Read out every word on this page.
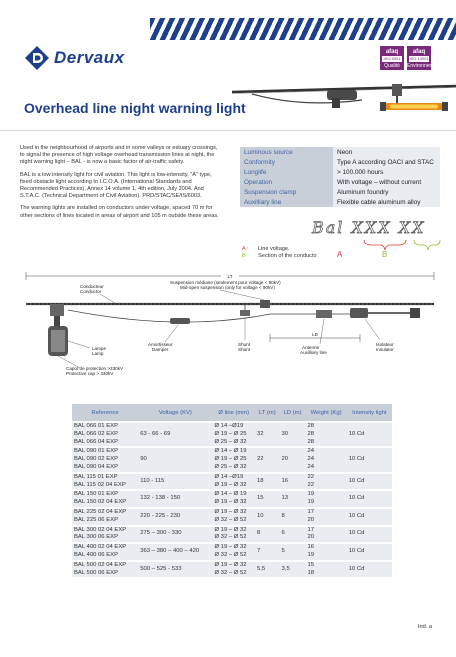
Dervaux	afaq
ISO 9001
Qualité
afaq
ISO 14001
Environnement
Overhead line night warning light

Used in the neighbourhood of airports and in some valleys or estuary crossings, to signal the presence of high voltage overhead transmission lines at night, the night warning light – BAL - is now a basic factor of air-traffic safety.

BAL is a low intensity light for civil aviation. This light is low-intensity, "A" type, fixed obstacle light according to I.C.O.A. (International Standards and Recommended Practices), Annex 14 volume 1, 4th edition, July 2004. And S.T.A.C. (Technical Department of Civil Aviation). PRD/STAC/SE/IS/6003.

The warning lights are installed on conductors under voltage, spaced 70 m for other sections of lines located in areas of airport and 105 m outside these areas.

Luminous source	Neon
Conformity	Type A according OACI and STAC
Longlife	> 100.000 hours
Operation	With voltage – without current
Suspension clamp	Aluminum foundry
Auxilliary line	Flexible cable aluminum alloy
Bal XXX XX
A : Line voltage.
B : Section of the conducto	A	B
LT
LD
Conducteur
Conductor
Suspension médiane (seulement pour voltage < 90kV)
Mid-open suspension (only for voltage < 90kV)
Lampe
Lamp
Amortisseur
Damper
Shunt
Shunt	Antenne
Auxilliary line
Isolateur
Insulator
Capot de protection >330kV
Protective cap > 330kV
Reference	Voltage (KV)	Ø line (mm)	LT (m)	LD (m)	Weight (Kg)	Intensity light

BAL 066 01 EXP
BAL 066 02 EXP
BAL 066 04 EXP	63 - 66 - 69	Ø 14 –Ø19
Ø 19 – Ø 25
Ø 25 – Ø 32	32	30	28
28
28	10 Cd

BAL 090 01 EXP
BAL 090 02 EXP
BAL 090 04 EXP	90	Ø 14 – Ø 19
Ø 19 – Ø 25
Ø 25 – Ø 32	22	20	24
24
24	10 Cd

BAL 115 01 EXP
BAL 115 02 04 EXP	110 - 115	Ø 14 –Ø19
Ø 19 – Ø 32	18	16	22
22	10 Cd

BAL 150 01 EXP
BAL 150 02 04 EXP	132 - 138 - 150	Ø 14 – Ø 19
Ø 19 – Ø 32	15	13	19
19	10 Cd

BAL 225 02 04 EXP
BAL 225 06 EXP	220 - 225 - 230	Ø 19 – Ø 32
Ø 32 – Ø 52	10	8	17
20	10 Cd

BAL 300 02 04 EXP
BAL 300 06 EXP	275 – 300 - 330	Ø 19 – Ø 32
Ø 32 – Ø 52	8	6	17
20	10 Cd

BAL 400 02 04 EXP
BAL 400 06 EXP	363 – 380 – 400 – 420	Ø 19 – Ø 32
Ø 32 – Ø 52	7	5	16
19	10 Cd

BAL 500 02 04 EXP
BAL 500 06 EXP	500 – 525 - 533	Ø 19 – Ø 32
Ø 32 – Ø 52	5,5	3,5	15
18	10 Cd
Ind. a
